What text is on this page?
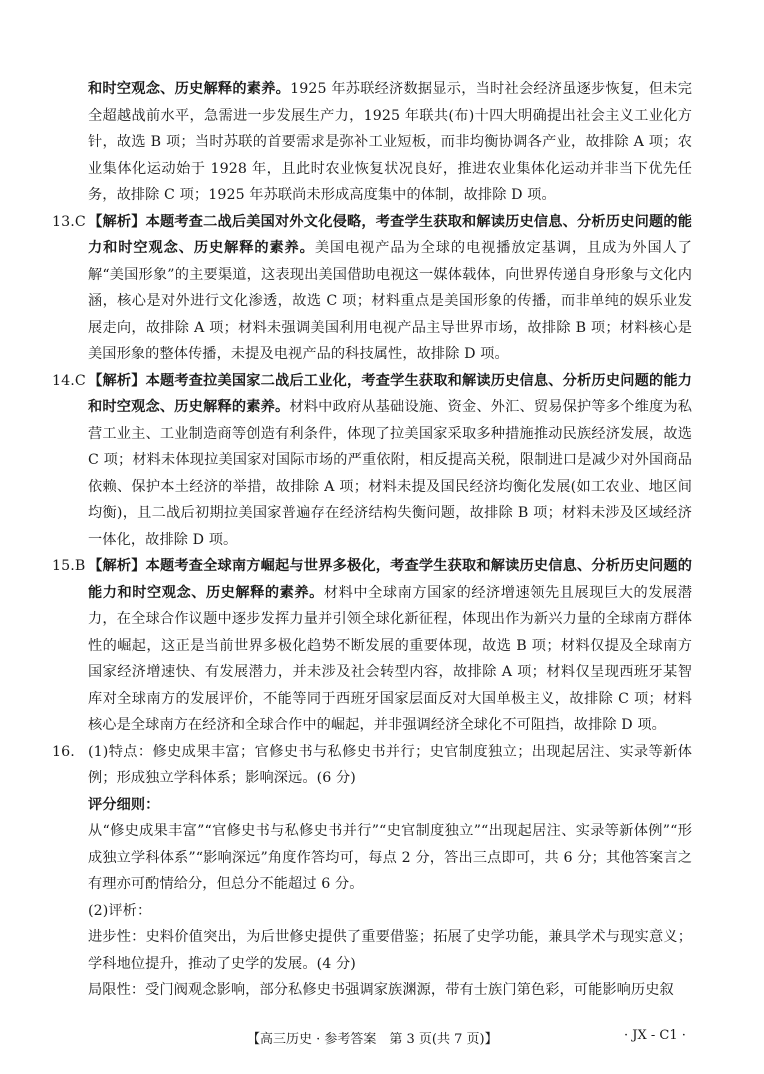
和时空观念、历史解释的素养。1925 年苏联经济数据显示，当时社会经济虽逐步恢复，但未完全超越战前水平，急需进一步发展生产力，1925 年联共(布)十四大明确提出社会主义工业化方针，故选 B 项；当时苏联的首要需求是弥补工业短板，而非均衡协调各产业，故排除 A 项；农业集体化运动始于 1928 年，且此时农业恢复状况良好，推进农业集体化运动并非当下优先任务，故排除 C 项；1925 年苏联尚未形成高度集中的体制，故排除 D 项。

13.C 【解析】本题考查二战后美国对外文化侵略，考查学生获取和解读历史信息、分析历史问题的能力和时空观念、历史解释的素养。美国电视产品为全球的电视播放定基调，且成为外国人了解“美国形象”的主要渠道，这表现出美国借助电视这一媒体载体，向世界传递自身形象与文化内涵，核心是对外进行文化渗透，故选 C 项；材料重点是美国形象的传播，而非单纯的娱乐业发展走向，故排除 A 项；材料未强调美国利用电视产品主导世界市场，故排除 B 项；材料核心是美国形象的整体传播，未提及电视产品的科技属性，故排除 D 项。

14.C 【解析】本题考查拉美国家二战后工业化，考查学生获取和解读历史信息、分析历史问题的能力和时空观念、历史解释的素养。材料中政府从基础设施、资金、外汇、贸易保护等多个维度为私营工业主、工业制造商等创造有利条件，体现了拉美国家采取多种措施推动民族经济发展，故选 C 项；材料未体现拉美国家对国际市场的严重依附，相反提高关税，限制进口是减少对外国商品依赖、保护本土经济的举措，故排除 A 项；材料未提及国民经济均衡化发展(如工农业、地区间均衡)，且二战后初期拉美国家普遍存在经济结构失衡问题，故排除 B 项；材料未涉及区域经济一体化，故排除 D 项。

15.B 【解析】本题考查全球南方崛起与世界多极化，考查学生获取和解读历史信息、分析历史问题的能力和时空观念、历史解释的素养。材料中全球南方国家的经济增速领先且展现巨大的发展潜力，在全球合作议题中逐步发挥力量并引领全球化新征程，体现出作为新兴力量的全球南方群体性的崛起，这正是当前世界多极化趋势不断发展的重要体现，故选 B 项；材料仅提及全球南方国家经济增速快、有发展潜力，并未涉及社会转型内容，故排除 A 项；材料仅呈现西班牙某智库对全球南方的发展评价，不能等同于西班牙国家层面反对大国单极主义，故排除 C 项；材料核心是全球南方在经济和全球合作中的崛起，并非强调经济全球化不可阻挡，故排除 D 项。

16. (1)特点：修史成果丰富；官修史书与私修史书并行；史官制度独立；出现起居注、实录等新体例；形成独立学科体系；影响深远。(6 分)

评分细则：

从“修史成果丰富”“官修史书与私修史书并行”“史官制度独立”“出现起居注、实录等新体例”“形成独立学科体系”“影响深远”角度作答均可，每点 2 分，答出三点即可，共 6 分；其他答案言之有理亦可酌情给分，但总分不能超过 6 分。

(2)评析：

进步性：史料价值突出，为后世修史提供了重要借鉴；拓展了史学功能，兼具学术与现实意义；学科地位提升，推动了史学的发展。(4 分)

局限性：受门阀观念影响，部分私修史书强调家族渊源，带有士族门第色彩，可能影响历史叙

【高三历史 · 参考答案　第 3 页(共 7 页)】	· JX - C1 ·
